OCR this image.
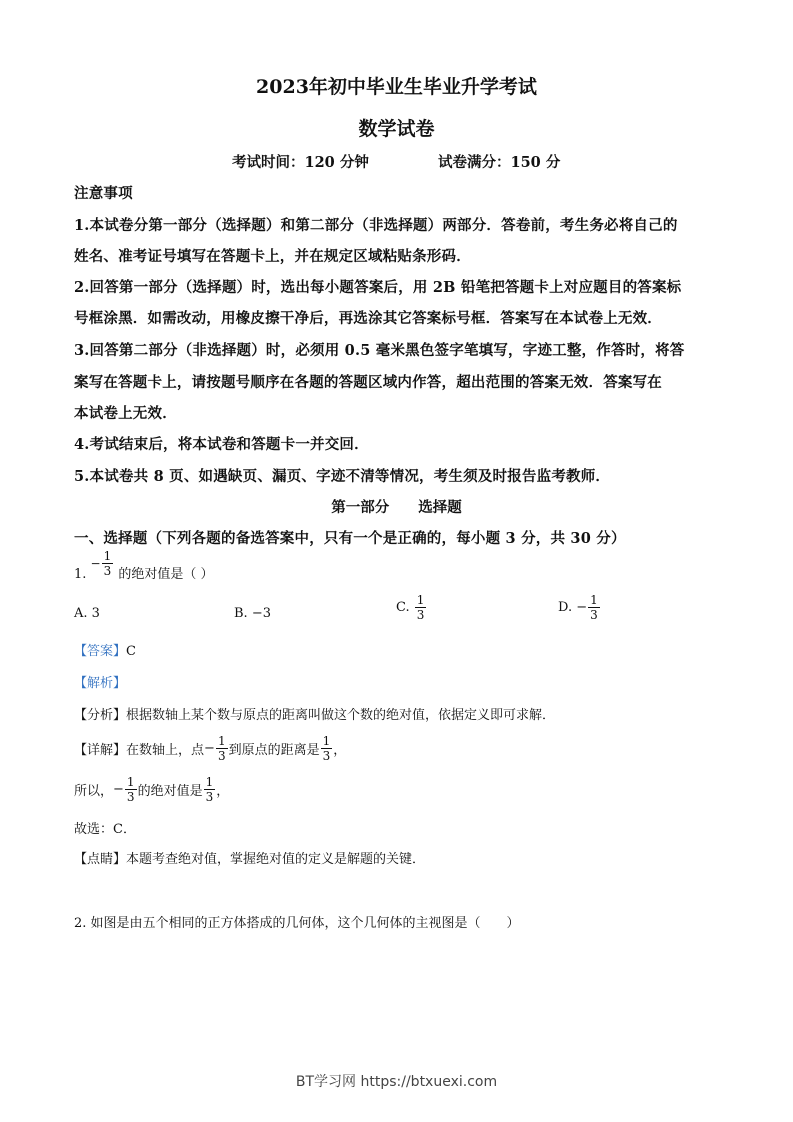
2023年初中毕业生毕业升学考试
数学试卷
考试时间：120 分钟	试卷满分：150 分
注意事项
1.本试卷分第一部分（选择题）和第二部分（非选择题）两部分．答卷前，考生务必将自己的
姓名、准考证号填写在答题卡上，并在规定区域粘贴条形码．
2.回答第一部分（选择题）时，选出每小题答案后，用 2B 铅笔把答题卡上对应题目的答案标
号框涂黑．如需改动，用橡皮擦干净后，再选涂其它答案标号框．答案写在本试卷上无效．
3.回答第二部分（非选择题）时，必须用 0.5 毫米黑色签字笔填写，字迹工整，作答时，将答
案写在答题卡上，请按题号顺序在各题的答题区域内作答，超出范围的答案无效．答案写在
本试卷上无效．
4.考试结束后，将本试卷和答题卡一并交回．
5.本试卷共 8 页、如遇缺页、漏页、字迹不清等情况，考生须及时报告监考教师．
第一部分　　选择题
一、选择题（下列各题的备选答案中，只有一个是正确的，每小题 3 分，共 30 分）
1. − $\frac{1}{3}$ 的绝对值是（ ）
A. 3	B. −3	C. $\frac{1}{3}$	D. − $\frac{1}{3}$
【答案】C
【解析】
【分析】根据数轴上某个数与原点的距离叫做这个数的绝对值，依据定义即可求解．
【详解】在数轴上，点− $\frac{1}{3}$ 到原点的距离是 $\frac{1}{3}$ ，
所以，− $\frac{1}{3}$ 的绝对值是 $\frac{1}{3}$ ，
故选：C．
【点睛】本题考查绝对值，掌握绝对值的定义是解题的关键．
2. 如图是由五个相同的正方体搭成的几何体，这个几何体的主视图是（　　）
BT学习网 https://btxuexi.com
